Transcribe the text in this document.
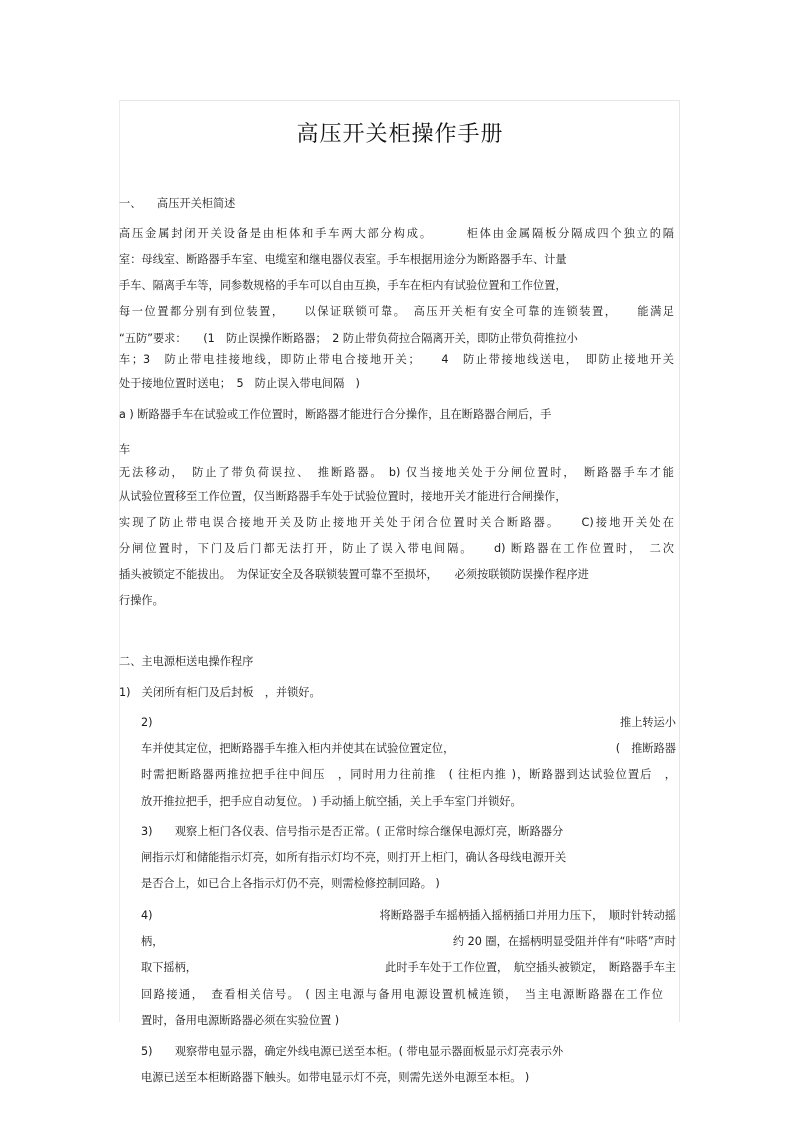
高压开关柜操作手册
一、 高压开关柜简述
高压金属封闭开关设备是由柜体和手车两大部分构成。　　　柜体由金属隔板分隔成四个独立的隔
室：母线室、断路器手车室、电缆室和继电器仪表室。手车根据用途分为断路器手车、计量
手车、隔离手车等，同参数规格的手车可以自由互换，手车在柜内有试验位置和工作位置，
每一位置都分别有到位装置，　　以保证联锁可靠。　高压开关柜有安全可靠的连锁装置，　　能满足
“五防”要求：　　(1　防止误操作断路器；　2 防止带负荷拉合隔离开关，即防止带负荷推拉小
车；3　防止带电挂接地线，即防止带电合接地开关；　　4　防止带接地线送电，　即防止接地开关
处于接地位置时送电；　5　防止误入带电间隔　)
a ) 断路器手车在试验或工作位置时，断路器才能进行合分操作，且在断路器合闸后，手
车
无法移动，　防止了带负荷误拉、　推断路器。 b) 仅当接地关处于分闸位置时，　断路器手车才能
从试验位置移至工作位置，仅当断路器手车处于试验位置时，接地开关才能进行合闸操作，
实现了防止带电误合接地开关及防止接地开关处于闭合位置时关合断路器。　　C)接地开关处在
分闸位置时，下门及后门都无法打开，防止了误入带电间隔。　　d) 断路器在工作位置时，　二次
插头被锁定不能拔出。　为保证安全及各联锁装置可靠不至损坏，　　必须按联锁防误操作程序进
行操作。
二、主电源柜送电操作程序
1)　关闭所有柜门及后封板　，并锁好。
2)	推上转运小
车并使其定位，把断路器手车推入柜内并使其在试验位置定位，	(　推断路器
时需把断路器两推拉把手往中间压　，同时用力往前推　( 往柜内推 )，断路器到达试验位置后　，
放开推拉把手，把手应自动复位。 ) 手动插上航空插，关上手车室门并锁好。
3)　　观察上柜门各仪表、信号指示是否正常。( 正常时综合继保电源灯亮，断路器分
闸指示灯和储能指示灯亮，如所有指示灯均不亮，则打开上柜门，确认各母线电源开关
是否合上，如已合上各指示灯仍不亮，则需检修控制回路。 )
4)	将断路器手车摇柄插入摇柄插口并用力压下，　顺时针转动摇
柄，	约 20 圈，在摇柄明显受阻并伴有“咔嗒”声时
取下摇柄，	此时手车处于工作位置，　航空插头被锁定，　断路器手车主
回路接通，　查看相关信号。 ( 因主电源与备用电源设置机械连锁，　当主电源断路器在工作位
置时，备用电源断路器必须在实验位置 )
5)　　观察带电显示器，确定外线电源已送至本柜。( 带电显示器面板显示灯亮表示外
电源已送至本柜断路器下触头。如带电显示灯不亮，则需先送外电源至本柜。 )
